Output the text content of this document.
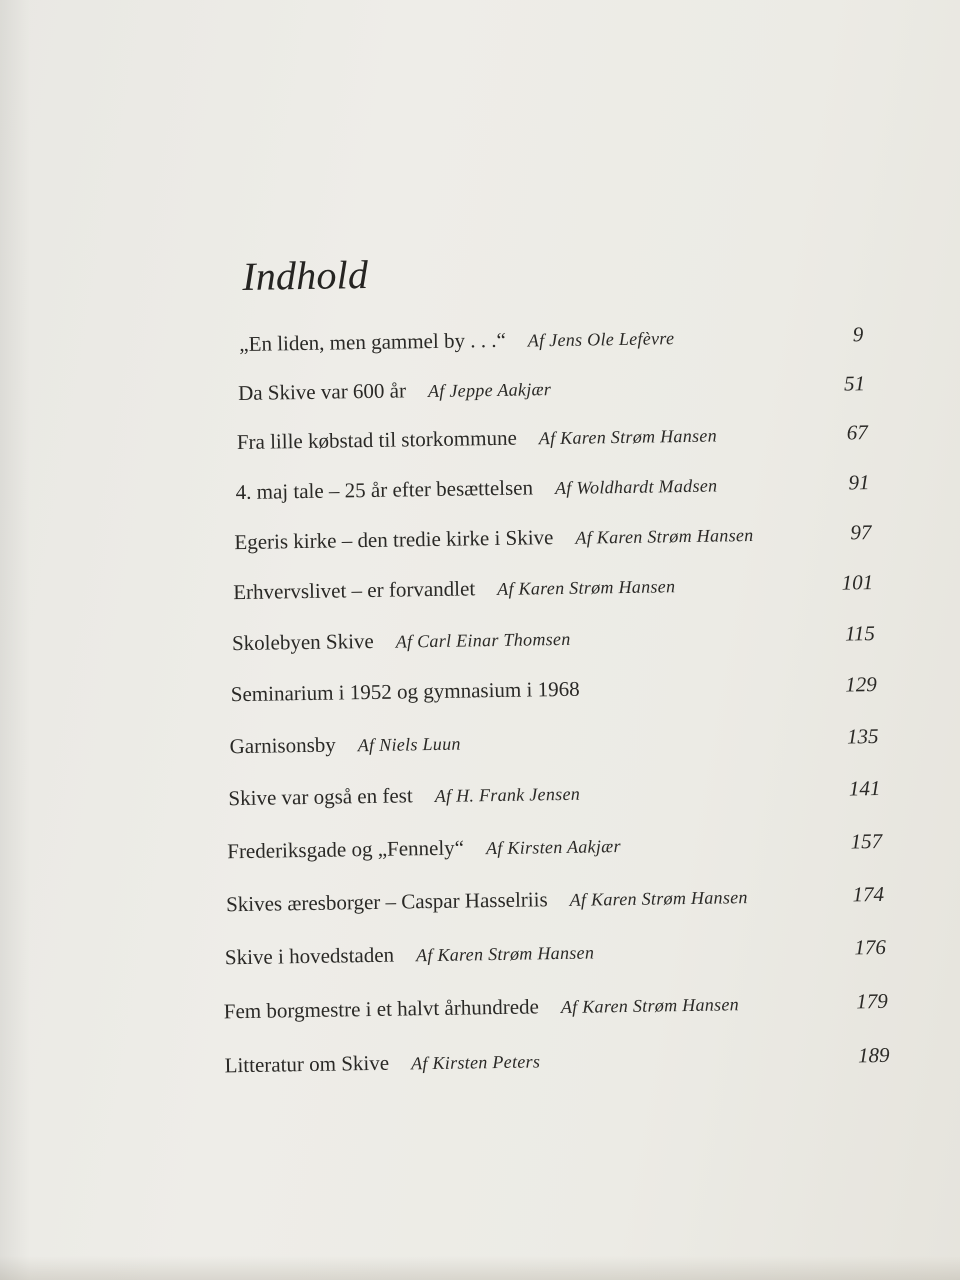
Indhold
„En liden, men gammel by . . .“ Af Jens Ole Lefèvre	9
Da Skive var 600 år Af Jeppe Aakjær	51
Fra lille købstad til storkommune Af Karen Strøm Hansen	67
4. maj tale – 25 år efter besættelsen Af Woldhardt Madsen	91
Egeris kirke – den tredie kirke i Skive Af Karen Strøm Hansen	97
Erhvervslivet – er forvandlet Af Karen Strøm Hansen	101
Skolebyen Skive Af Carl Einar Thomsen	115
Seminarium i 1952 og gymnasium i 1968	129
Garnisonsby Af Niels Luun	135
Skive var også en fest Af H. Frank Jensen	141
Frederiksgade og „Fennely“ Af Kirsten Aakjær	157
Skives æresborger – Caspar Hasselriis Af Karen Strøm Hansen	174
Skive i hovedstaden Af Karen Strøm Hansen	176
Fem borgmestre i et halvt århundrede Af Karen Strøm Hansen	179
Litteratur om Skive Af Kirsten Peters	189
